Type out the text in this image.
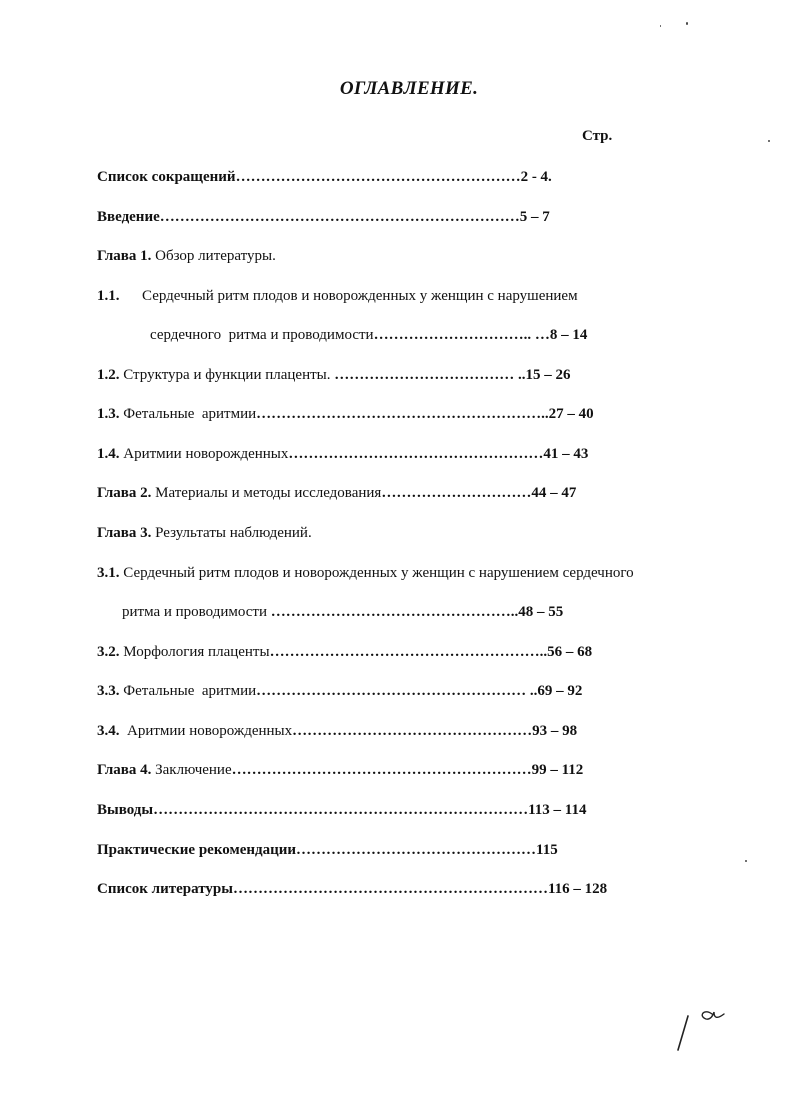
ОГЛАВЛЕНИЕ.
Стр.
Список сокращений…………………………………………………2 - 4.
Введение………………………………………………………………5 – 7
Глава 1. Обзор литературы.
1.1.      Сердечный ритм плодов и новорожденных у женщин с нарушением
сердечного  ритма и проводимости………………………….. …8 – 14
1.2. Структура и функции плаценты. ……………………………… ..15 – 26
1.3. Фетальные  аритмии…………………………………………………..27 – 40
1.4. Аритмии новорожденных……………………………………………41 – 43
Глава 2. Материалы и методы исследования…………………………44 – 47
Глава 3. Результаты наблюдений.
3.1. Сердечный ритм плодов и новорожденных у женщин с нарушением сердечного
ритма и проводимости …………………………………………..48 – 55
3.2. Морфология плаценты………………………………………………..56 – 68
3.3. Фетальные  аритмии……………………………………………… ..69 – 92
3.4.  Аритмии новорожденных…………………………………………93 – 98
Глава 4. Заключение……………………………………………………99 – 112
Выводы…………………………………………………………………113 – 114
Практические рекомендации…………………………………………115
Список литературы………………………………………………………116 – 128
